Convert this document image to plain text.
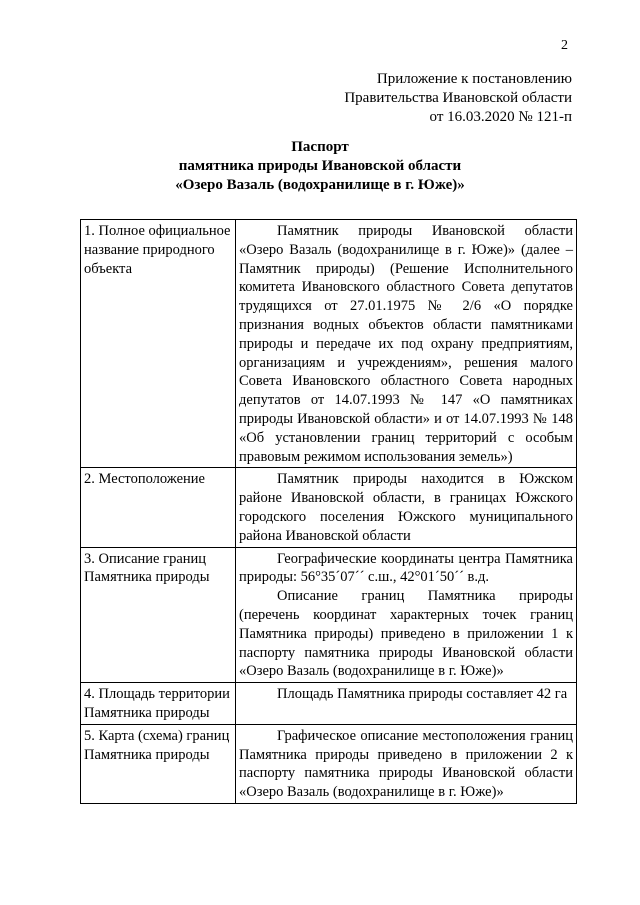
2
Приложение к постановлению
Правительства Ивановской области
от 16.03.2020 № 121-п
Паспорт
памятника природы Ивановской области
«Озеро Вазаль (водохранилище в г. Юже)»
1. Полное официальное название природного объекта	Памятник природы Ивановской области «Озеро Вазаль (водохранилище в г. Юже)» (далее – Памятник природы) (Решение Исполнительного комитета Ивановского областного Совета депутатов трудящихся от 27.01.1975 № 2/6 «О порядке признания водных объектов области памятниками природы и передаче их под охрану предприятиям, организациям и учреждениям», решения малого Совета Ивановского областного Совета народных депутатов от 14.07.1993 № 147 «О памятниках природы Ивановской области» и от 14.07.1993 № 148 «Об установлении границ территорий с особым правовым режимом использования земель»)

2. Местоположение	Памятник природы находится в Южском районе Ивановской области, в границах Южского городского поселения Южского муниципального района Ивановской области

3. Описание границ Памятника природы	Географические координаты центра Памятника природы: 56°35´07´´ с.ш., 42°01´50´´ в.д.

Описание границ Памятника природы (перечень координат характерных точек границ Памятника природы) приведено в приложении 1 к паспорту памятника природы Ивановской области «Озеро Вазаль (водохранилище в г. Юже)»

4. Площадь территории Памятника природы	Площадь Памятника природы составляет 42 га

5. Карта (схема) границ Памятника природы	Графическое описание местоположения границ Памятника природы приведено в приложении 2 к паспорту памятника природы Ивановской области «Озеро Вазаль (водохранилище в г. Юже)»
